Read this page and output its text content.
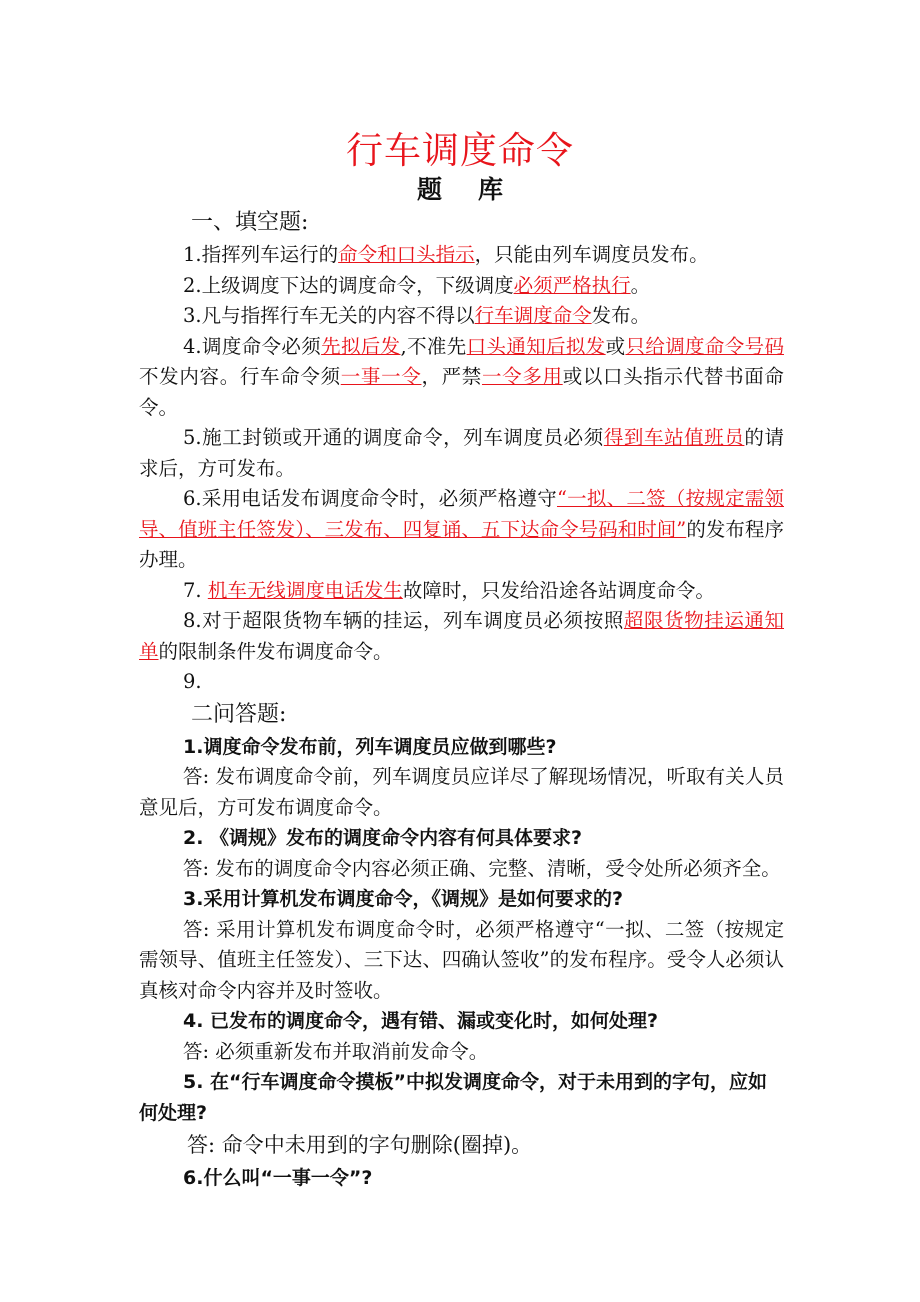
行车调度命令
题 库
一、填空题:

1.指挥列车运行的命令和口头指示，只能由列车调度员发布。

2.上级调度下达的调度命令，下级调度必须严格执行。

3.凡与指挥行车无关的内容不得以行车调度命令发布。

4.调度命令必须先拟后发,不准先口头通知后拟发或只给调度命令号码不发内容。行车命令须一事一令，严禁一令多用或以口头指示代替书面命令。

5.施工封锁或开通的调度命令，列车调度员必须得到车站值班员的请求后，方可发布。

6.采用电话发布调度命令时，必须严格遵守“一拟、二签（按规定需领导、值班主任签发）、三发布、四复诵、五下达命令号码和时间”的发布程序办理。

7. 机车无线调度电话发生故障时，只发给沿途各站调度命令。

8.对于超限货物车辆的挂运，列车调度员必须按照超限货物挂运通知单的限制条件发布调度命令。

9.

二问答题:

1.调度命令发布前，列车调度员应做到哪些?

答: 发布调度命令前，列车调度员应详尽了解现场情况，听取有关人员意见后，方可发布调度命令。

2. 《调规》发布的调度命令内容有何具体要求?

答: 发布的调度命令内容必须正确、完整、清晰，受令处所必须齐全。

3.采用计算机发布调度命令，《调规》是如何要求的?

答: 采用计算机发布调度命令时，必须严格遵守“一拟、二签（按规定需领导、值班主任签发）、三下达、四确认签收”的发布程序。受令人必须认真核对命令内容并及时签收。

4. 已发布的调度命令，遇有错、漏或变化时，如何处理?

答: 必须重新发布并取消前发命令。

5. 在“行车调度命令摸板”中拟发调度命令，对于未用到的字句，应如何处理?

答: 命令中未用到的字句删除(圈掉)。

6.什么叫“一事一令”?
